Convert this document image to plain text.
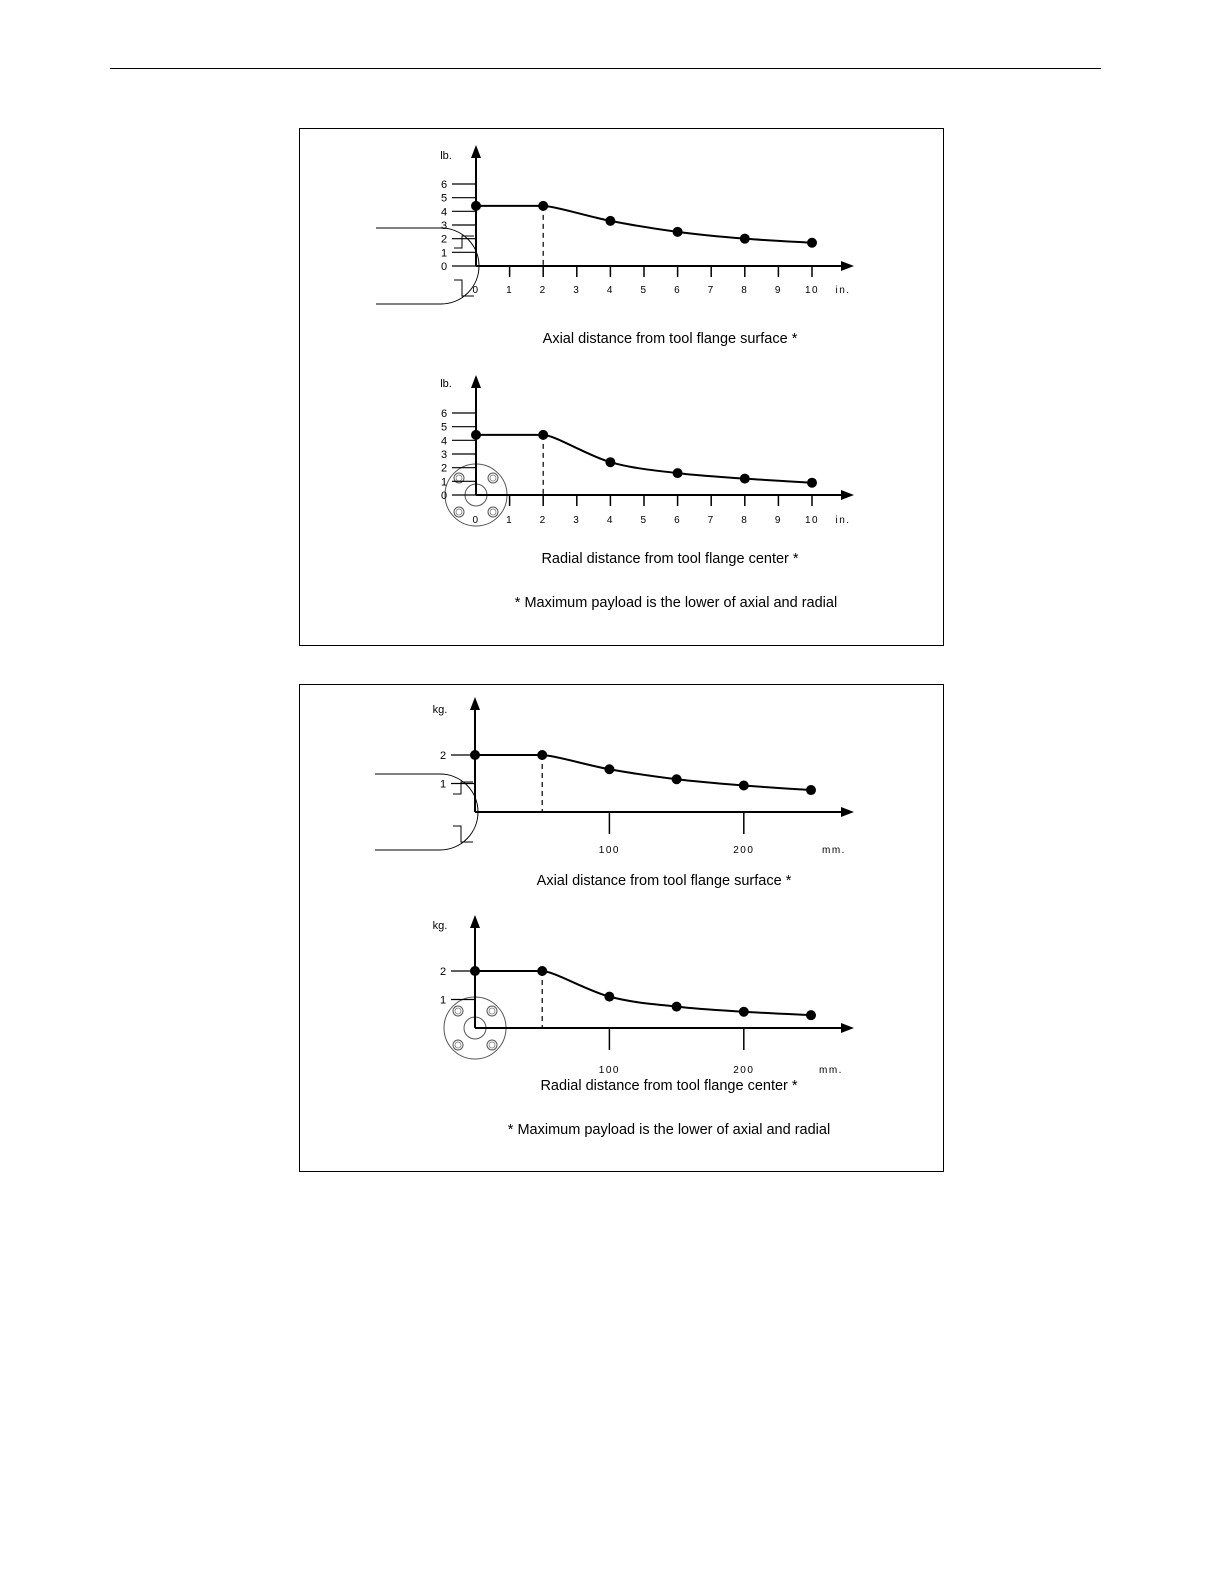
lb.
in.
0
1
2
3
4
5
6
0	1	2	3	4	5	6	7	8	9 10
Axial distance from tool flange surface *
lb.
in.
0
1
2
3
4
5
6
0	1	2	3	4	5	6	7	8	9 10
Radial distance from tool flange center *
* Maximum payload is the lower of axial and radial
kg.
mm.
1
2
100	200
Axial distance from tool flange surface *
kg.
mm.
1
2
100	200
Radial distance from tool flange center *
* Maximum payload is the lower of axial and radial
